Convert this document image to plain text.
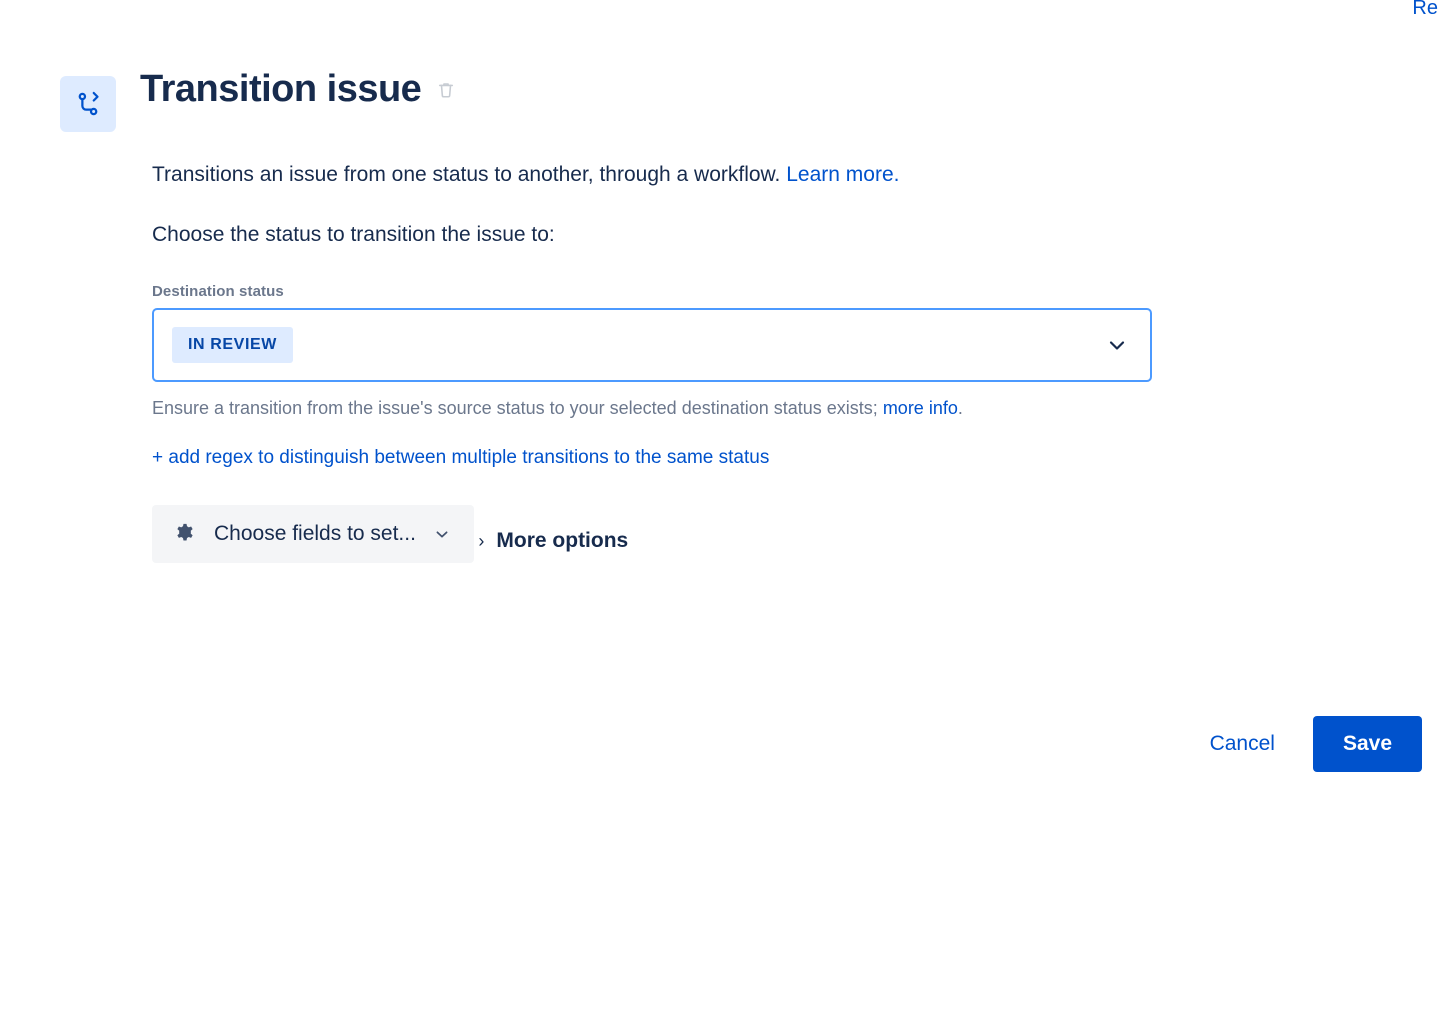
Re
Transition issue

Transitions an issue from one status to another, through a workflow. Learn more.

Choose the status to transition the issue to:

Destination status
IN REVIEW

Ensure a transition from the issue's source status to your selected destination status exists; more info.

+ add regex to distinguish between multiple transitions to the same status
Choose fields to set...
	› More options
Cancel	Save
